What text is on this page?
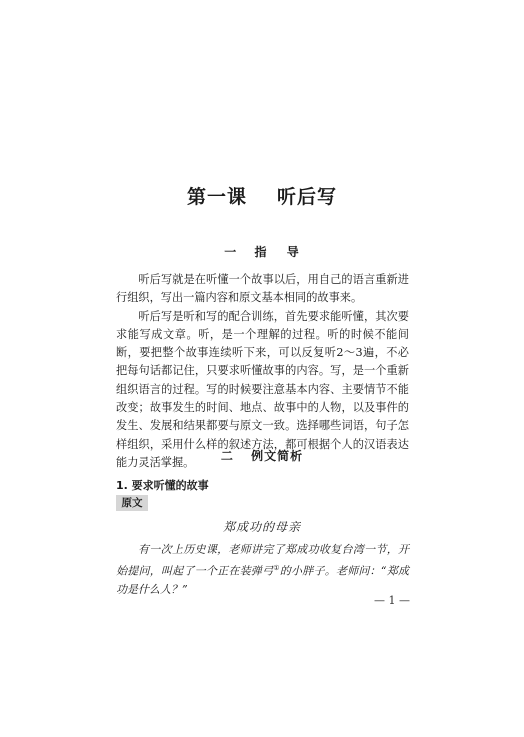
第一课 听后写
一 指 导

听后写就是在听懂一个故事以后，用自己的语言重新进行组织，写出一篇内容和原文基本相同的故事来。

听后写是听和写的配合训练，首先要求能听懂，其次要求能写成文章。听，是一个理解的过程。听的时候不能间断，要把整个故事连续听下来，可以反复听2～3遍，不必把每句话都记住，只要求听懂故事的内容。写，是一个重新组织语言的过程。写的时候要注意基本内容、主要情节不能改变；故事发生的时间、地点、故事中的人物，以及事件的发生、发展和结果都要与原文一致。选择哪些词语，句子怎样组织，采用什么样的叙述方法，都可根据个人的汉语表达能力灵活掌握。	二 例文简析
1. 要求听懂的故事
原文
郑成功的母亲

有一次上历史课，老师讲完了郑成功收复台湾一节，开始提问，叫起了一个正在装弹弓①的小胖子。老师问：“郑成功是什么人？”

— 1 —
